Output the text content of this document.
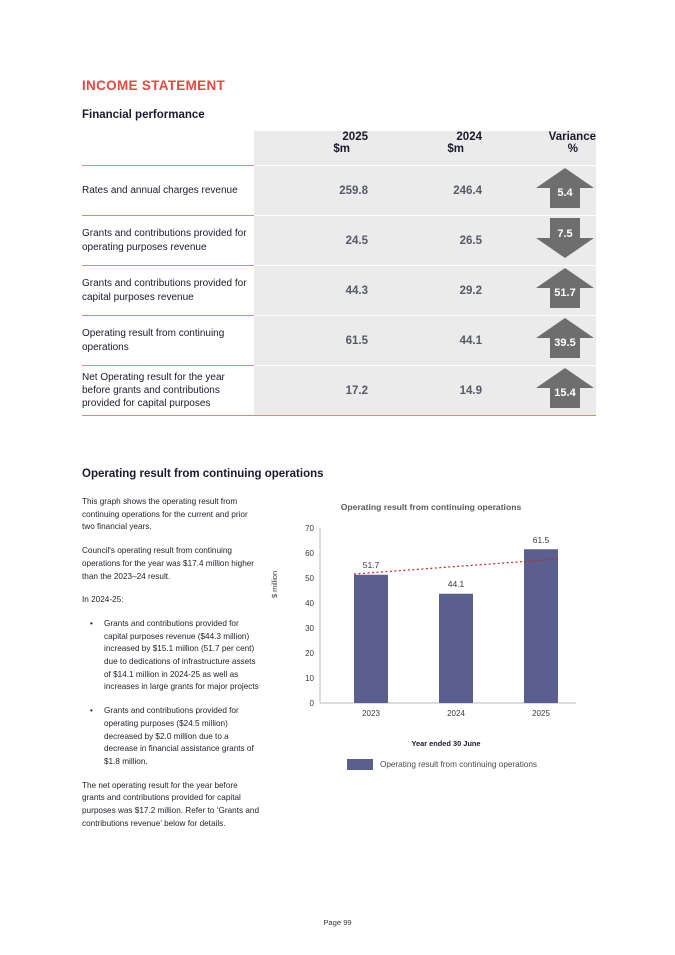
INCOME STATEMENT
Financial performance
	2025	2024	Variance
	$m	$m	%
Rates and annual charges revenue	259.8	246.4	5.4

Grants and contributions provided for operating purposes revenue	24.5	26.5	7.5

Grants and contributions provided for capital purposes revenue	44.3	29.2	51.7

Operating result from continuing operations	61.5	44.1	39.5

Net Operating result for the year before grants and contributions provided for capital purposes	17.2	14.9	15.4

Operating result from continuing operations

This graph shows the operating result from continuing operations for the current and prior two financial years.

Council's operating result from continuing operations for the year was $17.4 million higher than the 2023–24 result.

In 2024-25:

•	Grants and contributions provided for capital purposes revenue ($44.3 million) increased by $15.1 million (51.7 per cent) due to dedications of infrastructure assets of $14.1 million in 2024-25 as well as increases in large grants for major projects
•	Grants and contributions provided for operating purposes ($24.5 million) decreased by $2.0 million due to a decrease in financial assistance grants of $1.8 million.

The net operating result for the year before grants and contributions provided for capital purposes was $17.2 million. Refer to ‘Grants and contributions revenue’ below for details.

Operating result from continuing operations
$ million
70
60
50
40
30
20
10
0
51.7
44.1
61.5
2023	2024	2025
Year ended 30 June
Operating result from continuing operations
Page 99
